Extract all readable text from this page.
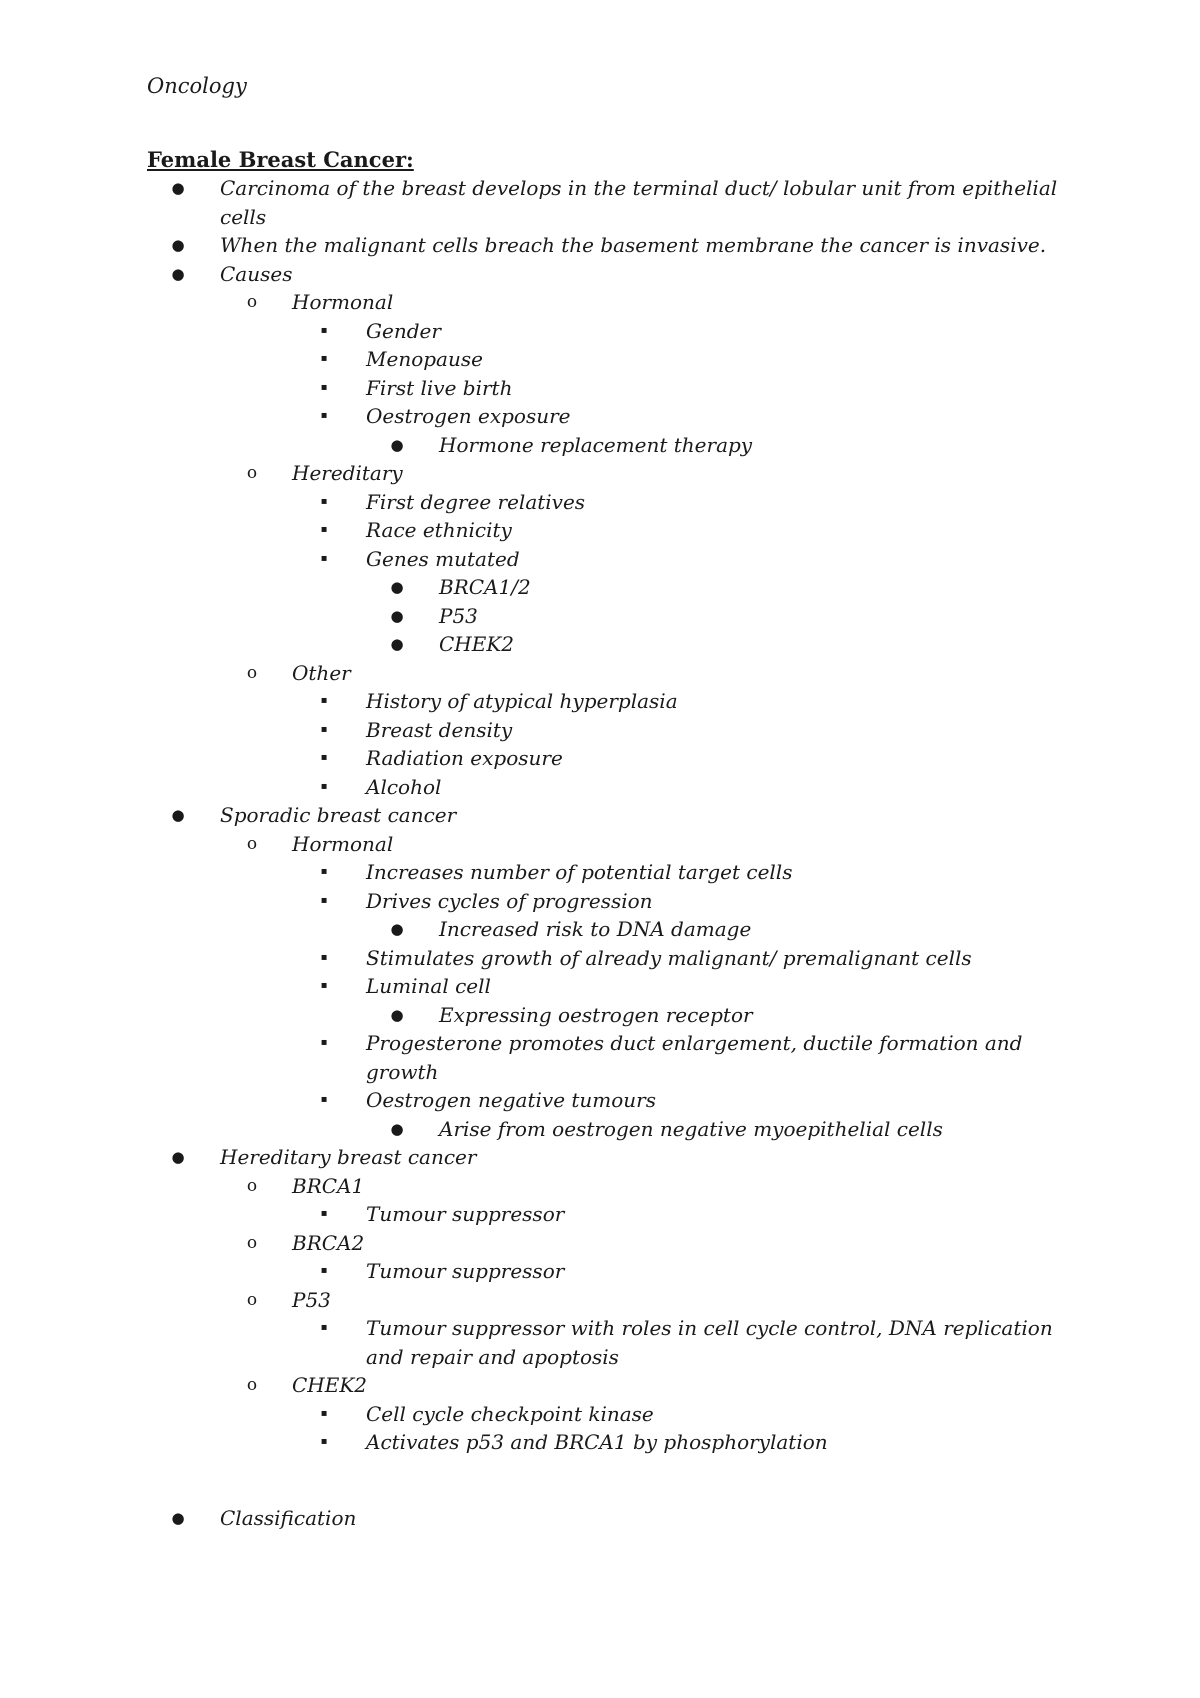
Oncology
Female Breast Cancer:
● Carcinoma of the breast develops in the terminal duct/ lobular unit from epithelial cells
● When the malignant cells breach the basement membrane the cancer is invasive.
● Causes
o Hormonal
▪	Gender
▪	Menopause
▪	First live birth
▪	Oestrogen exposure
● Hormone replacement therapy
o Hereditary
▪	First degree relatives
▪	Race ethnicity
▪	Genes mutated
● BRCA1/2
● P53
● CHEK2
o Other
▪	History of atypical hyperplasia
▪	Breast density
▪	Radiation exposure
▪	Alcohol
● Sporadic breast cancer
o Hormonal
▪	Increases number of potential target cells
▪	Drives cycles of progression
● Increased risk to DNA damage
▪	Stimulates growth of already malignant/ premalignant cells
▪	Luminal cell
● Expressing oestrogen receptor
▪	Progesterone promotes duct enlargement, ductile formation and growth
▪	Oestrogen negative tumours
● Arise from oestrogen negative myoepithelial cells
● Hereditary breast cancer
o BRCA1
▪	Tumour suppressor
o BRCA2
▪	Tumour suppressor
o P53
▪	Tumour suppressor with roles in cell cycle control, DNA replication and repair and apoptosis
o CHEK2
▪	Cell cycle checkpoint kinase
▪	Activates p53 and BRCA1 by phosphorylation
● Classification
